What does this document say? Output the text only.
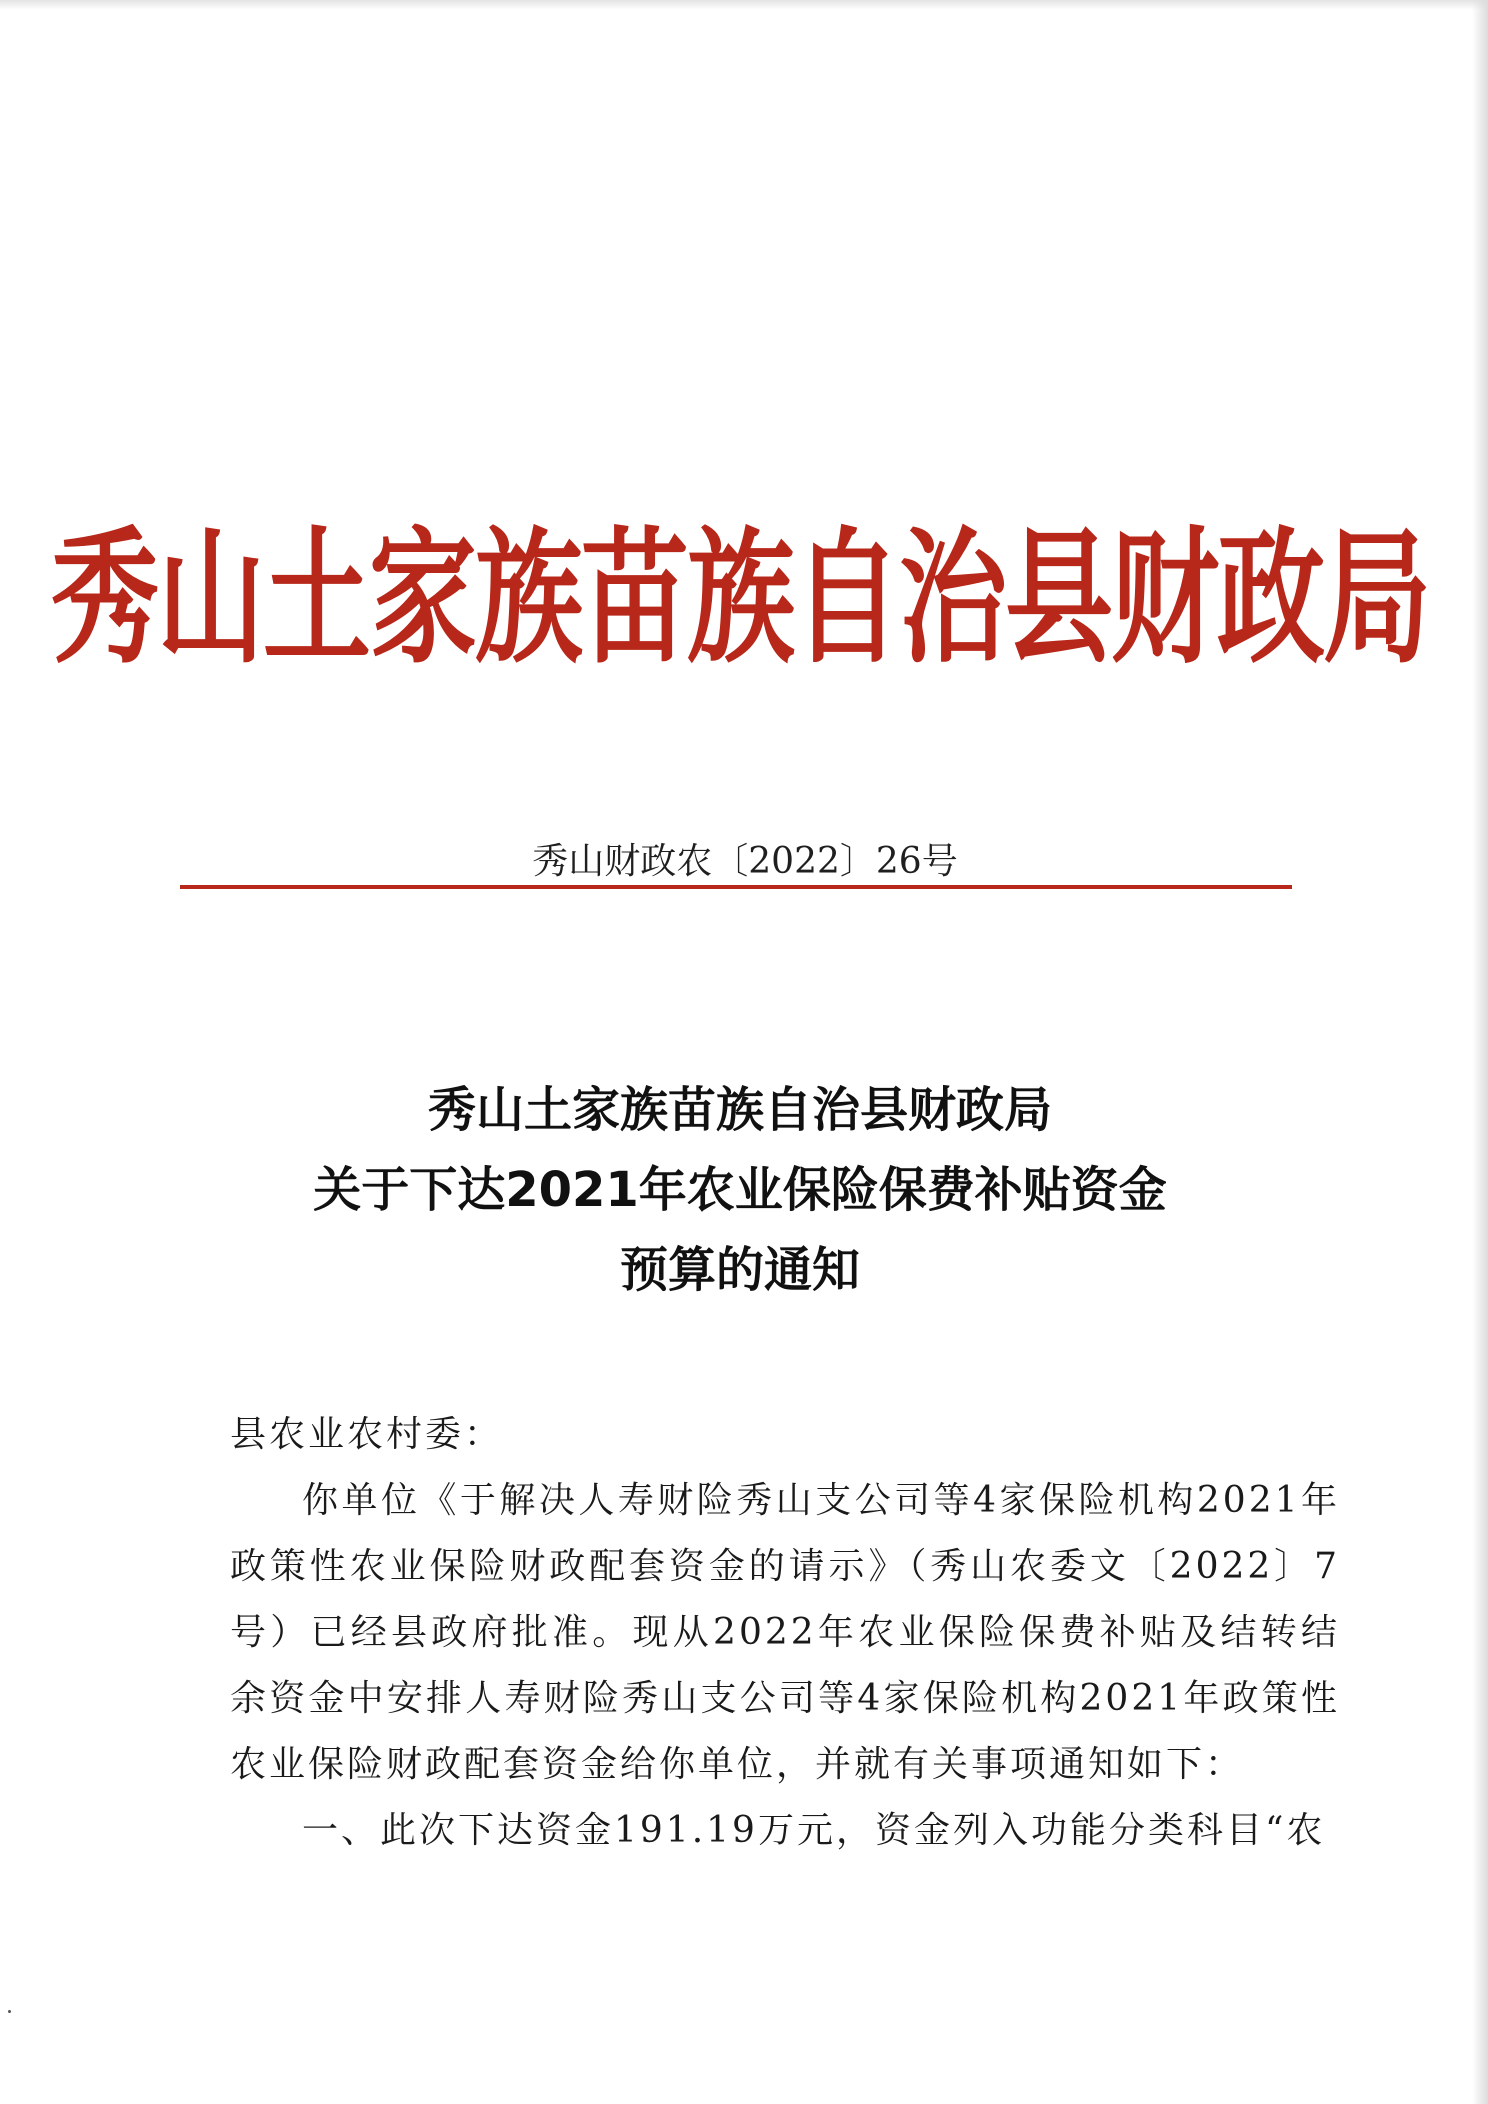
秀山土家族苗族自治县财政局
秀山财政农〔2022〕26号
秀山土家族苗族自治县财政局
关于下达2021年农业保险保费补贴资金
预算的通知
县农业农村委：
你单位《于解决人寿财险秀山支公司等4家保险机构2021年政策性农业保险财政配套资金的请示》（秀山农委文〔2022〕7号）已经县政府批准。现从2022年农业保险保费补贴及结转结余资金中安排人寿财险秀山支公司等4家保险机构2021年政策性农业保险财政配套资金给你单位，并就有关事项通知如下：
一、此次下达资金191.19万元，资金列入功能分类科目“农
